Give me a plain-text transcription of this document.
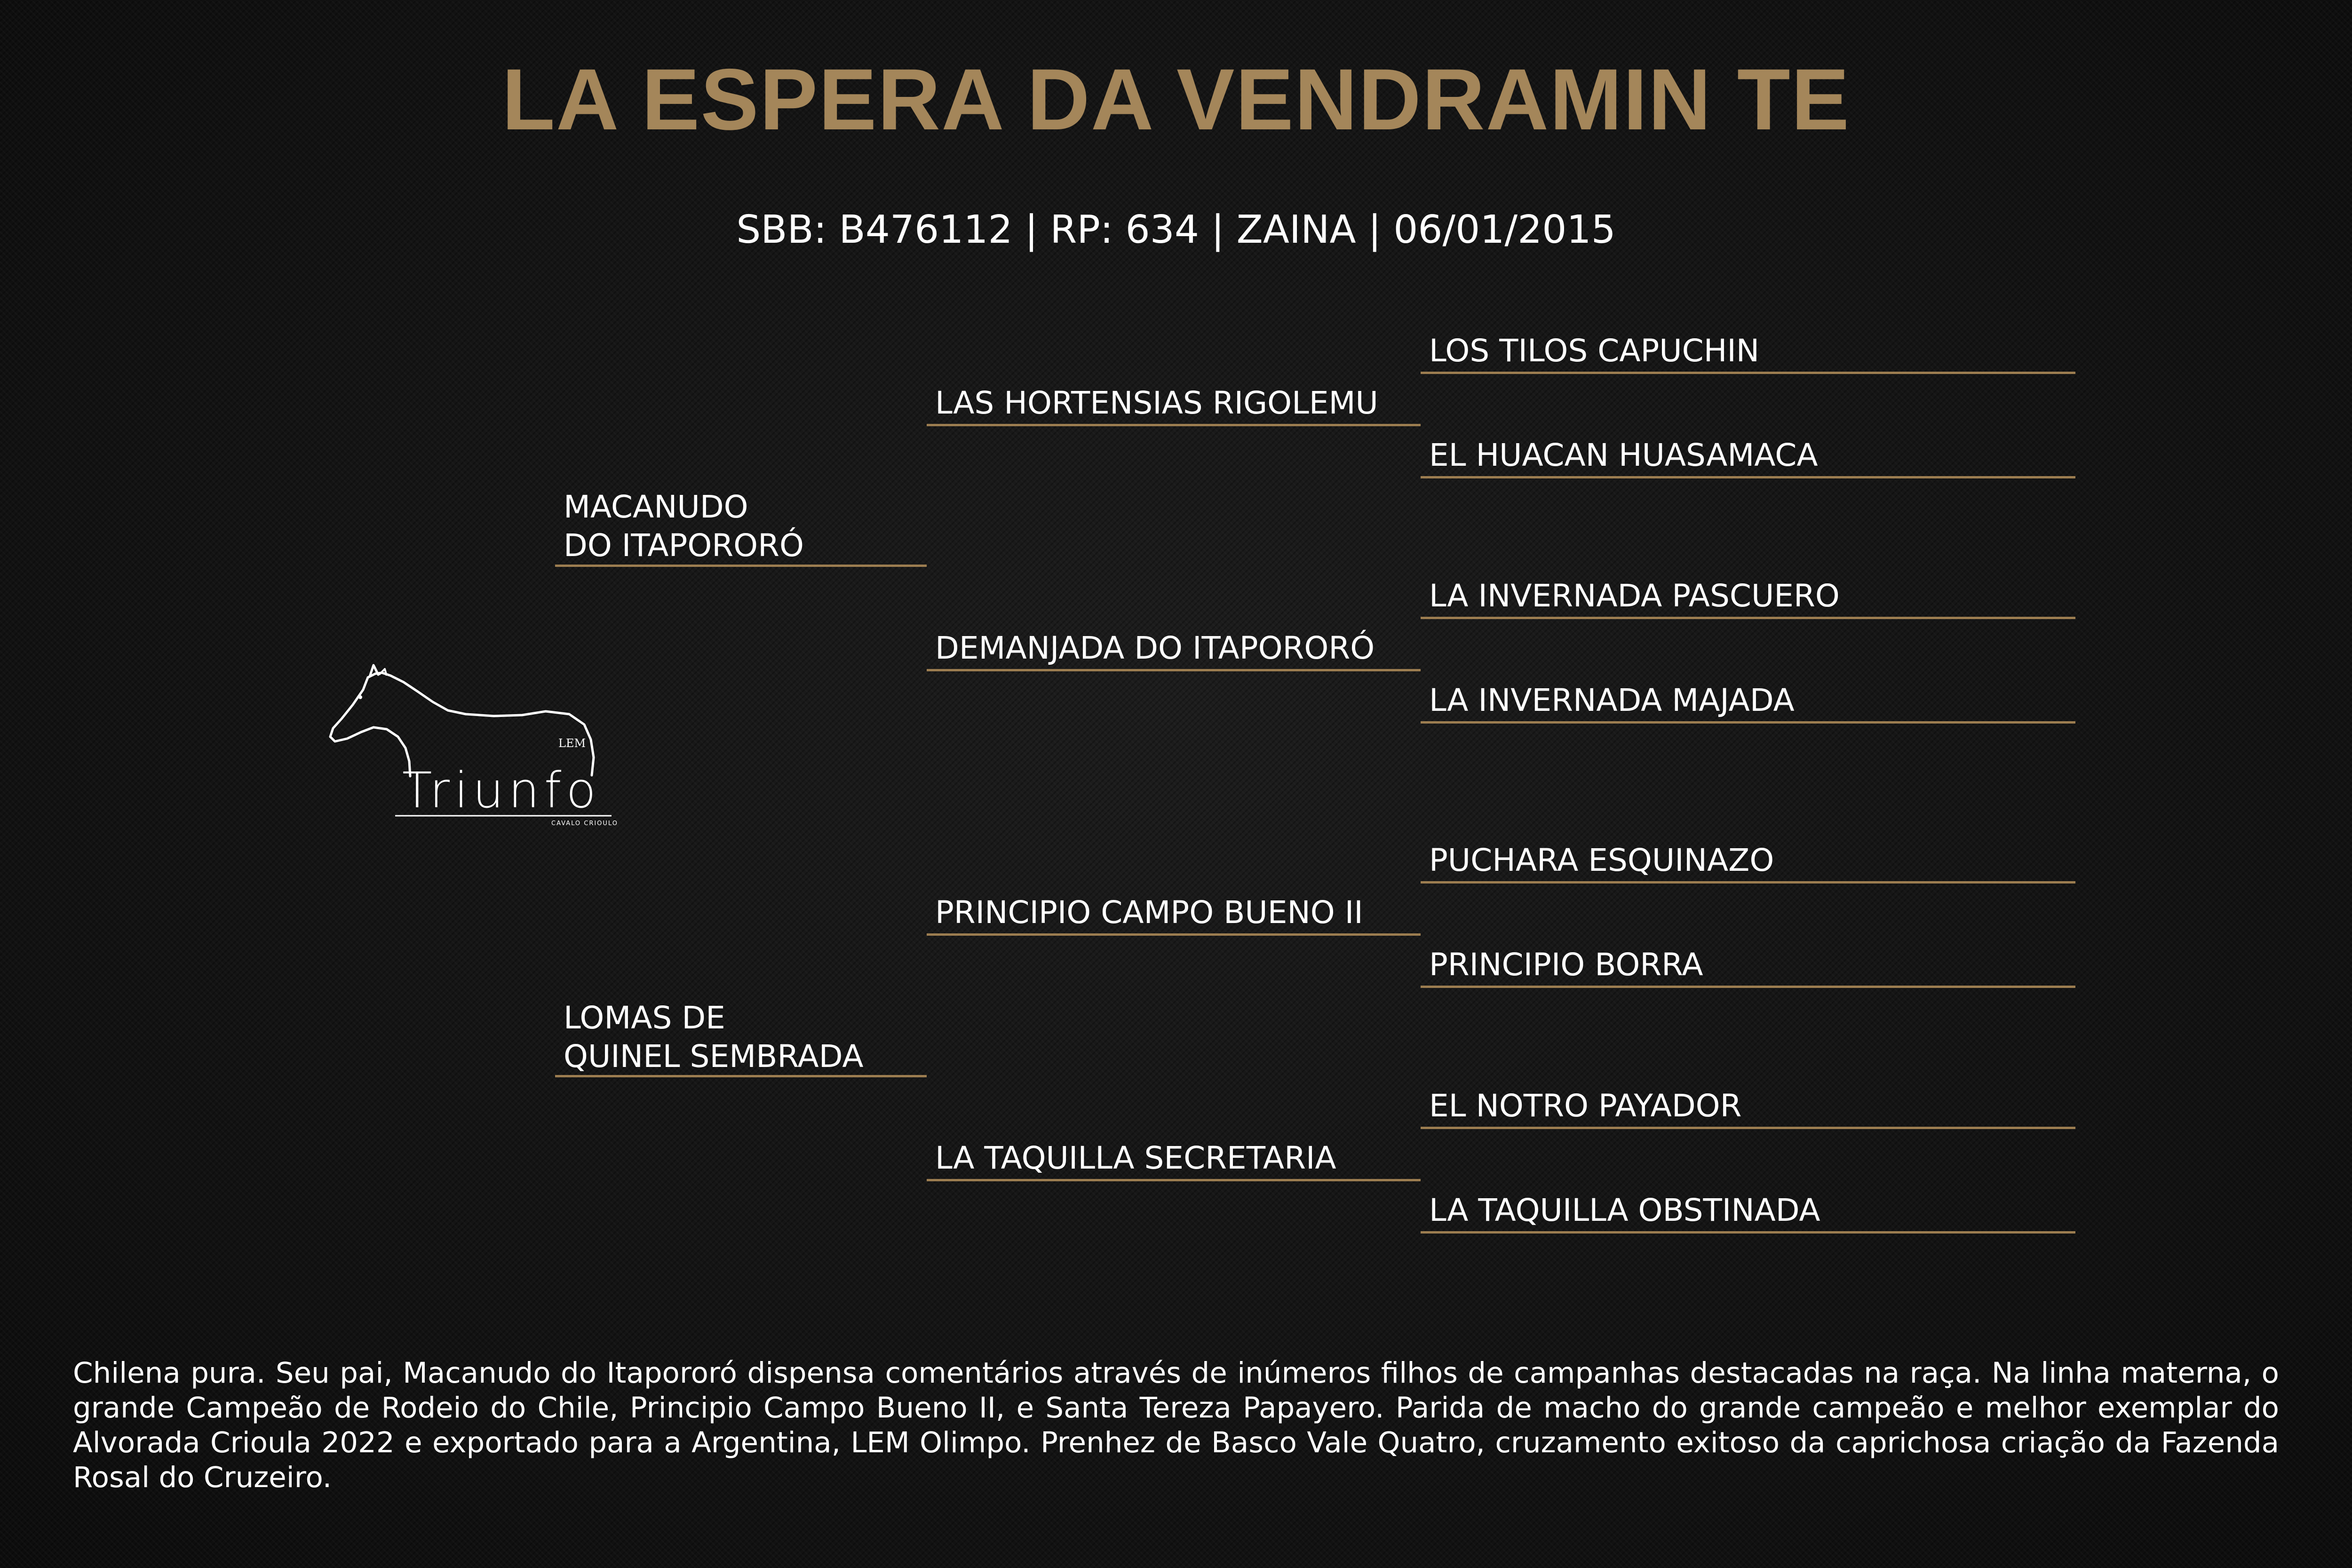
LA ESPERA DA VENDRAMIN TE
SBB: B476112 | RP: 634 | ZAINA | 06/01/2015
MACANUDO
DO ITAPORORÓ
LOMAS DE
QUINEL SEMBRADA
LAS HORTENSIAS RIGOLEMU
DEMANJADA DO ITAPORORÓ
PRINCIPIO CAMPO BUENO II
LA TAQUILLA SECRETARIA
LOS TILOS CAPUCHIN
EL HUACAN HUASAMACA
LA INVERNADA PASCUERO
LA INVERNADA MAJADA
PUCHARA ESQUINAZO
PRINCIPIO BORRA
EL NOTRO PAYADOR
LA TAQUILLA OBSTINADA
Triunfo
LEM
CAVALO CRIOULO
Chilena pura. Seu pai, Macanudo do Itapororó dispensa comentários através de inúmeros filhos de campanhas destacadas na raça. Na linha materna, o grande Campeão de Rodeio do Chile, Principio Campo Bueno II, e Santa Tereza Papayero. Parida de macho do grande campeão e melhor exemplar do Alvorada Crioula 2022 e exportado para a Argentina, LEM Olimpo. Prenhez de Basco Vale Quatro, cruzamento exitoso da caprichosa criação da Fazenda Rosal do Cruzeiro.
